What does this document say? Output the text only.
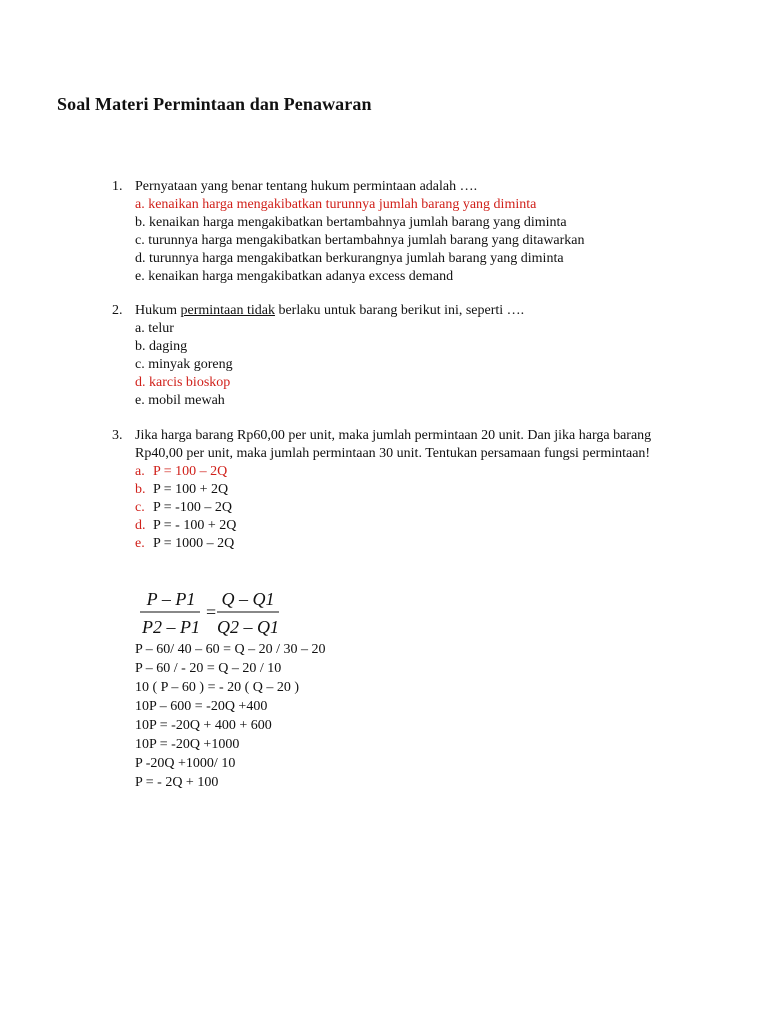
Soal Materi Permintaan dan Penawaran
1. Pernyataan yang benar tentang hukum permintaan adalah ….
a. kenaikan harga mengakibatkan turunnya jumlah barang yang diminta
b. kenaikan harga mengakibatkan bertambahnya jumlah barang yang diminta
c. turunnya harga mengakibatkan bertambahnya jumlah barang yang ditawarkan
d. turunnya harga mengakibatkan berkurangnya jumlah barang yang diminta
e. kenaikan harga mengakibatkan adanya excess demand
2. Hukum permintaan tidak berlaku untuk barang berikut ini, seperti ….
a. telur
b. daging
c. minyak goreng
d. karcis bioskop
e. mobil mewah
3. Jika harga barang Rp60,00 per unit, maka jumlah permintaan 20 unit. Dan jika harga barang Rp40,00 per unit, maka jumlah permintaan 30 unit. Tentukan persamaan fungsi permintaan!
a. P = 100 – 2Q
b. P = 100 + 2Q
c. P = -100 – 2Q
d. P = - 100 + 2Q
e. P = 1000 – 2Q
P – P1
P2 – P1
=
Q – Q1
Q2 – Q1
P – 60/ 40 – 60 = Q – 20 / 30 – 20
P – 60 / - 20 = Q – 20 / 10
10 ( P – 60 ) = - 20 ( Q – 20 )
10P – 600 = -20Q +400
10P = -20Q + 400 + 600
10P = -20Q +1000
P -20Q +1000/ 10
P = - 2Q + 100
